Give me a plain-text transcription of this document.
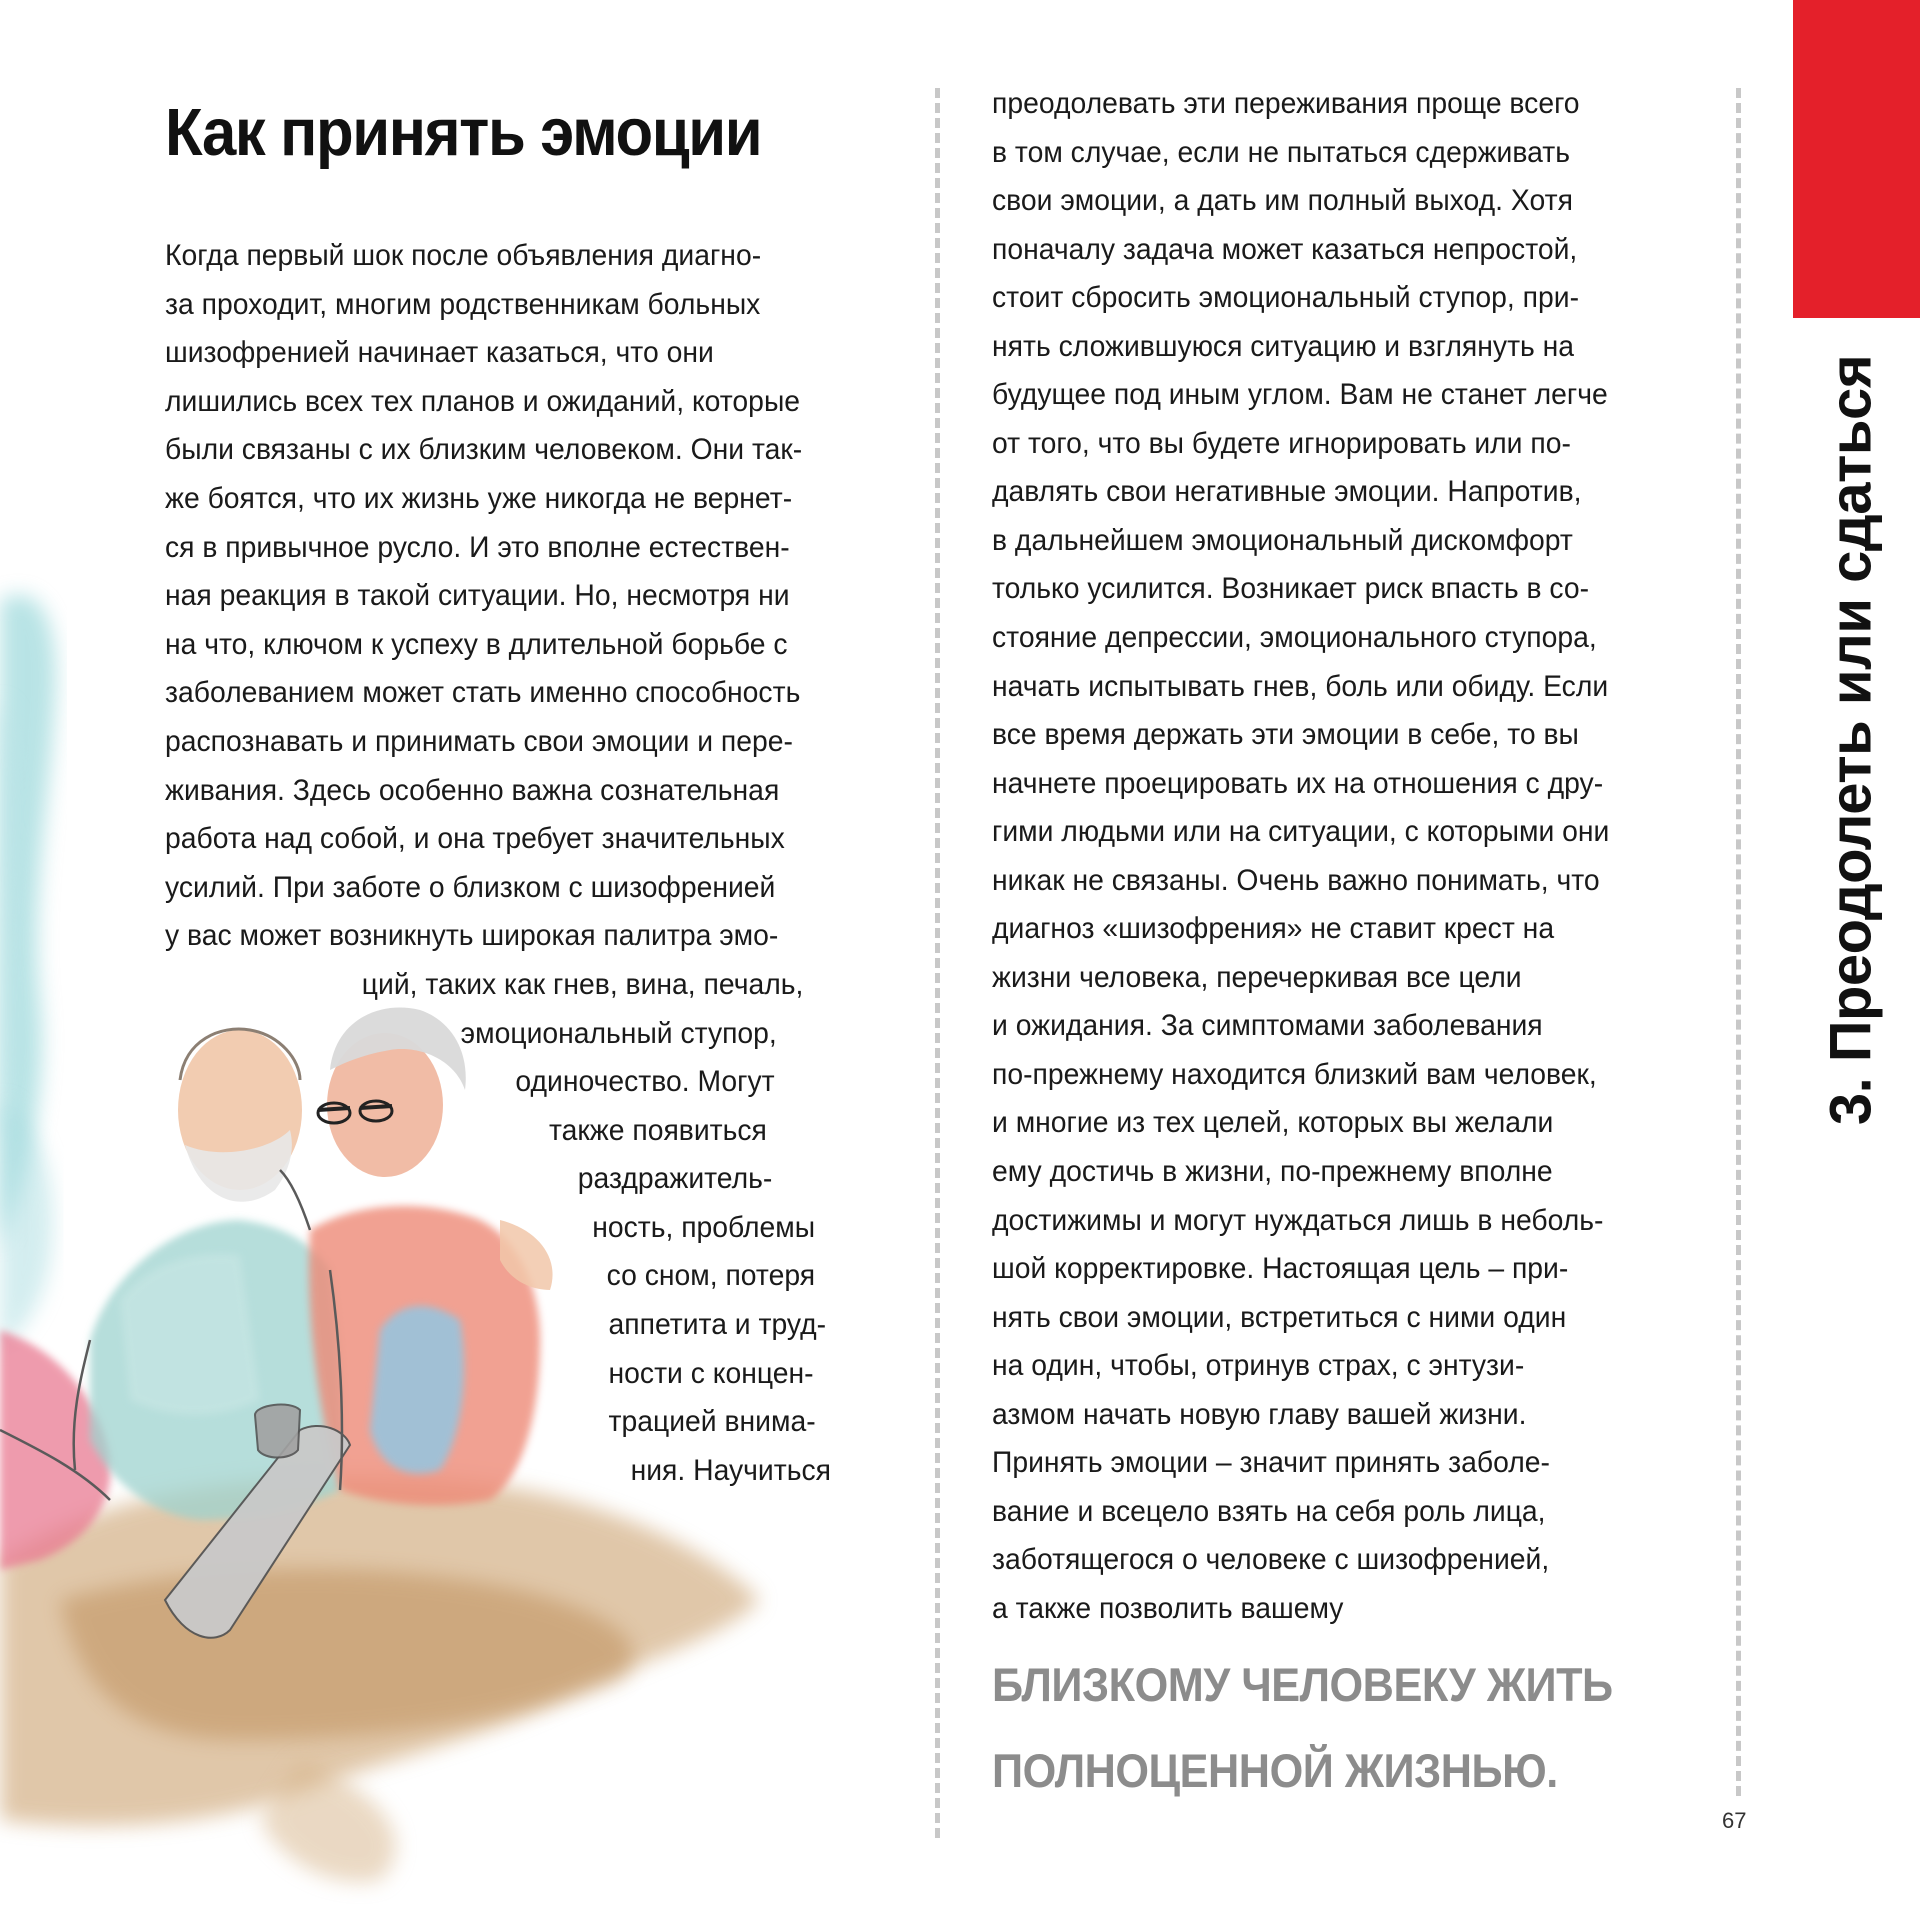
Как принять эмоции

Когда первый шок после объявления диагно-

за проходит, многим родственникам больных

шизофренией начинает казаться, что они

лишились всех тех планов и ожиданий, которые

были связаны с их близким человеком. Они так-

же боятся, что их жизнь уже никогда не вернет-

ся в привычное русло. И это вполне естествен-

ная реакция в такой ситуации. Но, несмотря ни

на что, ключом к успеху в длительной борьбе с

заболеванием может стать именно способность

распознавать и принимать свои эмоции и пере-

живания. Здесь особенно важна сознательная

работа над собой, и она требует значительных

усилий. При заботе о близком с шизофренией

у вас может возникнуть широкая палитра эмо-

ций, таких как гнев, вина, печаль,

эмоциональный ступор,

одиночество. Могут

также появиться

раздражитель-

ность, проблемы

со сном, потеря

аппетита и труд-

ности с концен-

трацией внима-

ния. Научиться

преодолевать эти переживания проще всего

в том случае, если не пытаться сдерживать

свои эмоции, а дать им полный выход. Хотя

поначалу задача может казаться непростой,

стоит сбросить эмоциональный ступор, при-

нять сложившуюся ситуацию и взглянуть на

будущее под иным углом. Вам не станет легче

от того, что вы будете игнорировать или по-

давлять свои негативные эмоции. Напротив,

в дальнейшем эмоциональный дискомфорт

только усилится. Возникает риск впасть в со-

стояние депрессии, эмоционального ступора,

начать испытывать гнев, боль или обиду. Если

все время держать эти эмоции в себе, то вы

начнете проецировать их на отношения с дру-

гими людьми или на ситуации, с которыми они

никак не связаны. Очень важно понимать, что

диагноз «шизофрения» не ставит крест на

жизни человека, перечеркивая все цели

и ожидания. За симптомами заболевания

по-прежнему находится близкий вам человек,

и многие из тех целей, которых вы желали

ему достичь в жизни, по-прежнему вполне

достижимы и могут нуждаться лишь в неболь-

шой корректировке. Настоящая цель – при-

нять свои эмоции, встретиться с ними один

на один, чтобы, отринув страх, с энтузи-

азмом начать новую главу вашей жизни.

Принять эмоции – значит принять заболе-

вание и всецело взять на себя роль лица,

заботящегося о человеке с шизофренией,

а также позволить вашему

БЛИЗКОМУ ЧЕЛОВЕКУ ЖИТЬ

ПОЛНОЦЕННОЙ ЖИЗНЬЮ.

3. Преодолеть или сдаться
67
